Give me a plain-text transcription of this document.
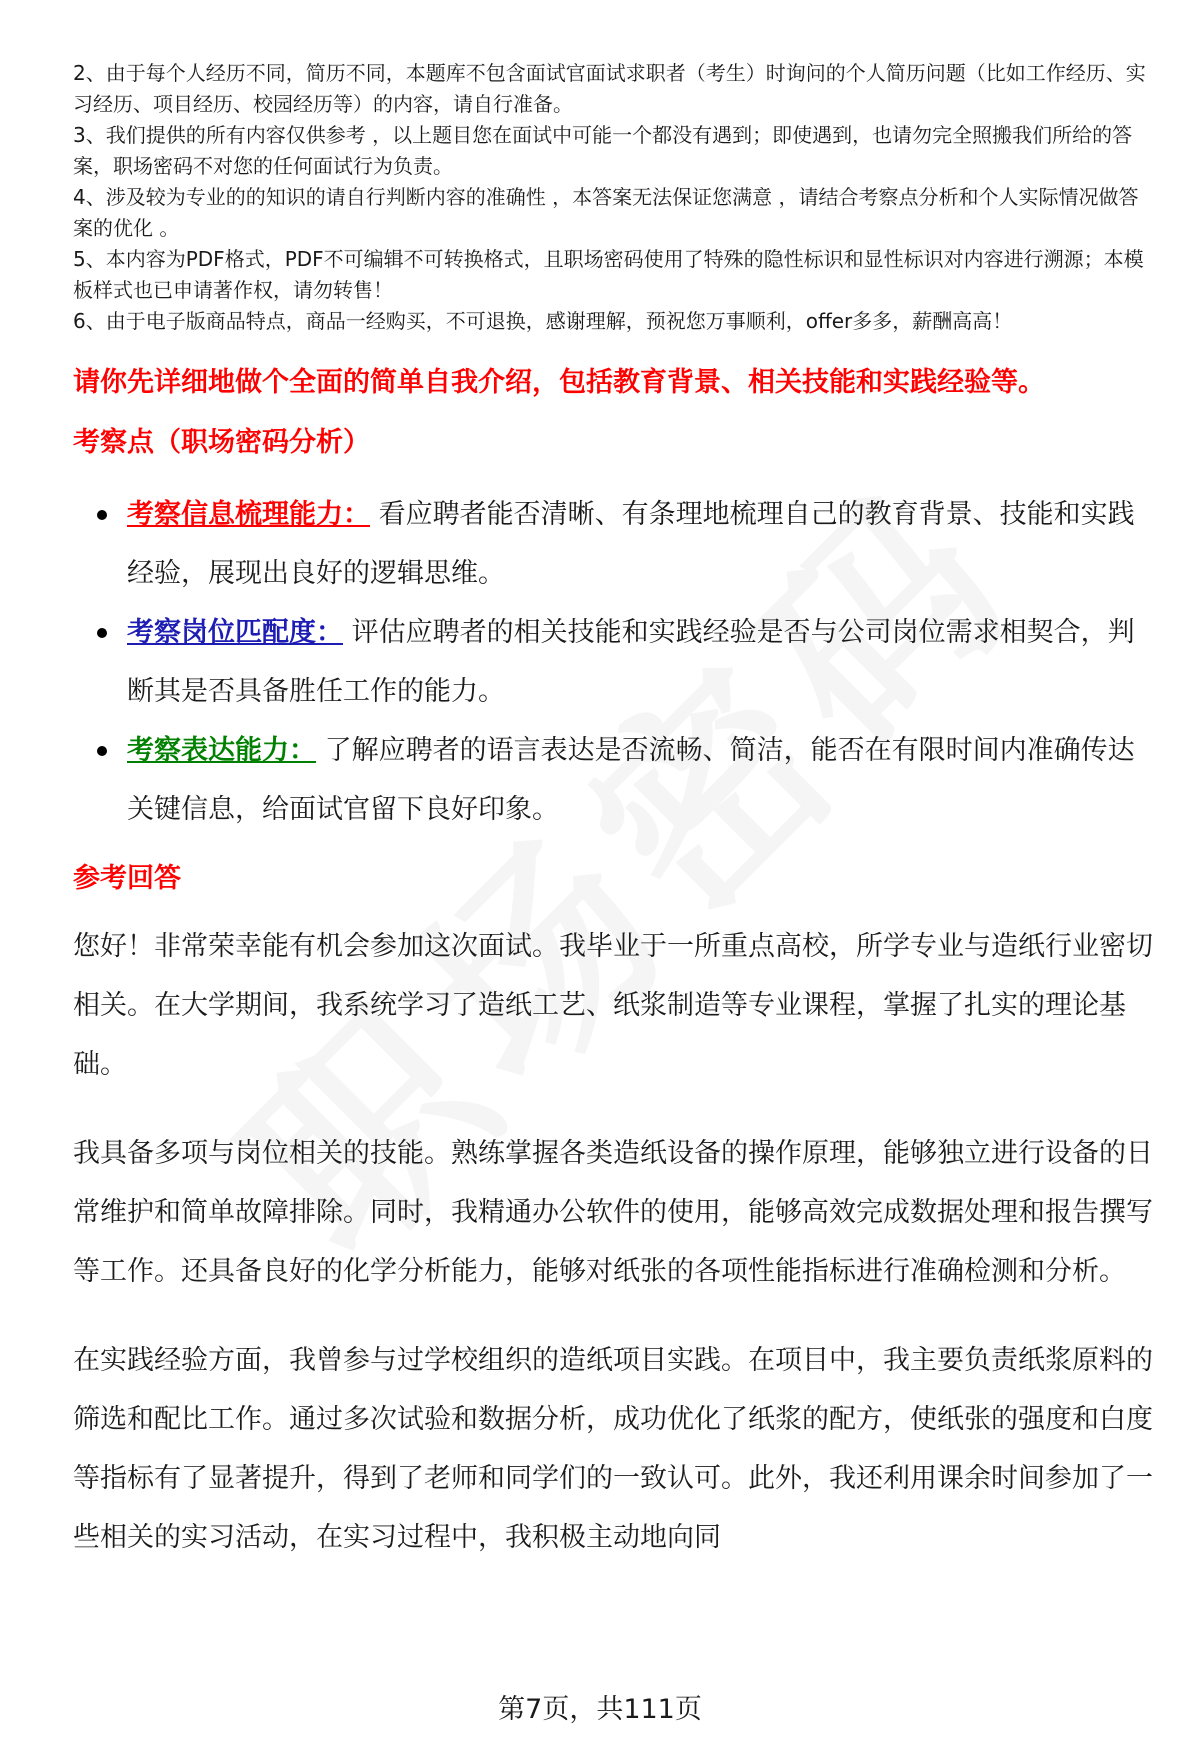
2、由于每个人经历不同，简历不同，本题库不包含面试官面试求职者（考生）时询问的个人简历问题（比如工作经历、实习经历、项目经历、校园经历等）的内容，请自行准备。

3、我们提供的所有内容仅供参考 ，以上题目您在面试中可能一个都没有遇到；即使遇到，也请勿完全照搬我们所给的答案，职场密码不对您的任何面试行为负责。

4、涉及较为专业的的知识的请自行判断内容的准确性 ，本答案无法保证您满意 ，请结合考察点分析和个人实际情况做答案的优化 。

5、本内容为PDF格式，PDF不可编辑不可转换格式，且职场密码使用了特殊的隐性标识和显性标识对内容进行溯源；本模板样式也已申请著作权，请勿转售！

6、由于电子版商品特点，商品一经购买，不可退换，感谢理解，预祝您万事顺利，offer多多，薪酬高高！

请你先详细地做个全面的简单自我介绍，包括教育背景、相关技能和实践经验等。
考察点（职场密码分析）
考察信息梳理能力： 看应聘者能否清晰、有条理地梳理自己的教育背景、技能和实践经验，展现出良好的逻辑思维。
考察岗位匹配度： 评估应聘者的相关技能和实践经验是否与公司岗位需求相契合，判断其是否具备胜任工作的能力。
考察表达能力： 了解应聘者的语言表达是否流畅、简洁，能否在有限时间内准确传达关键信息，给面试官留下良好印象。
参考回答

您好！非常荣幸能有机会参加这次面试。我毕业于一所重点高校，所学专业与造纸行业密切相关。在大学期间，我系统学习了造纸工艺、纸浆制造等专业课程，掌握了扎实的理论基础。

我具备多项与岗位相关的技能。熟练掌握各类造纸设备的操作原理，能够独立进行设备的日常维护和简单故障排除。同时，我精通办公软件的使用，能够高效完成数据处理和报告撰写等工作。还具备良好的化学分析能力，能够对纸张的各项性能指标进行准确检测和分析。

在实践经验方面，我曾参与过学校组织的造纸项目实践。在项目中，我主要负责纸浆原料的筛选和配比工作。通过多次试验和数据分析，成功优化了纸浆的配方，使纸张的强度和白度等指标有了显著提升，得到了老师和同学们的一致认可。此外，我还利用课余时间参加了一些相关的实习活动，在实习过程中，我积极主动地向同

第7页，共111页
